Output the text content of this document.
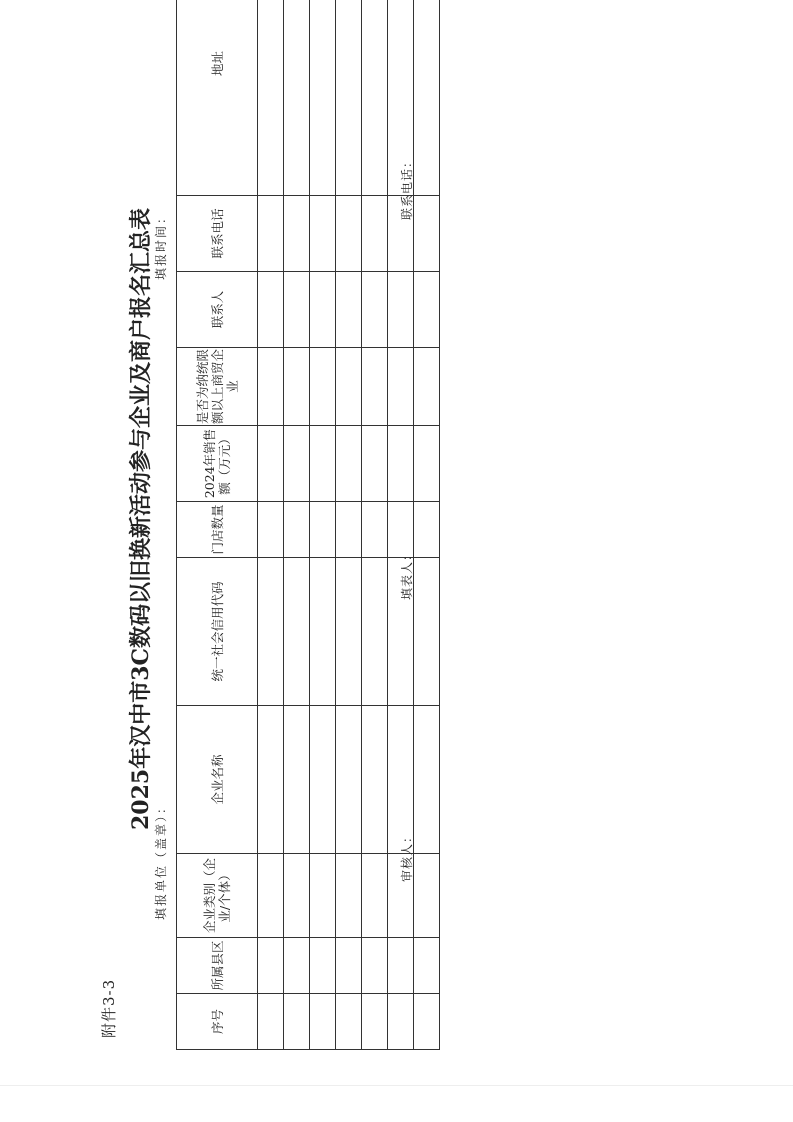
附件3-3
2025年汉中市3C数码以旧换新活动参与企业及商户报名汇总表
填报单位（盖章）：
填报时间：
序号	所属县区	企业类别（企业/个体）	企业名称	统一社会信用代码	门店数量	2024年销售额（万元）	是否为纳统限额以上商贸企业	联系人	联系电话	地址

审核人：
填表人：
联系电话：
